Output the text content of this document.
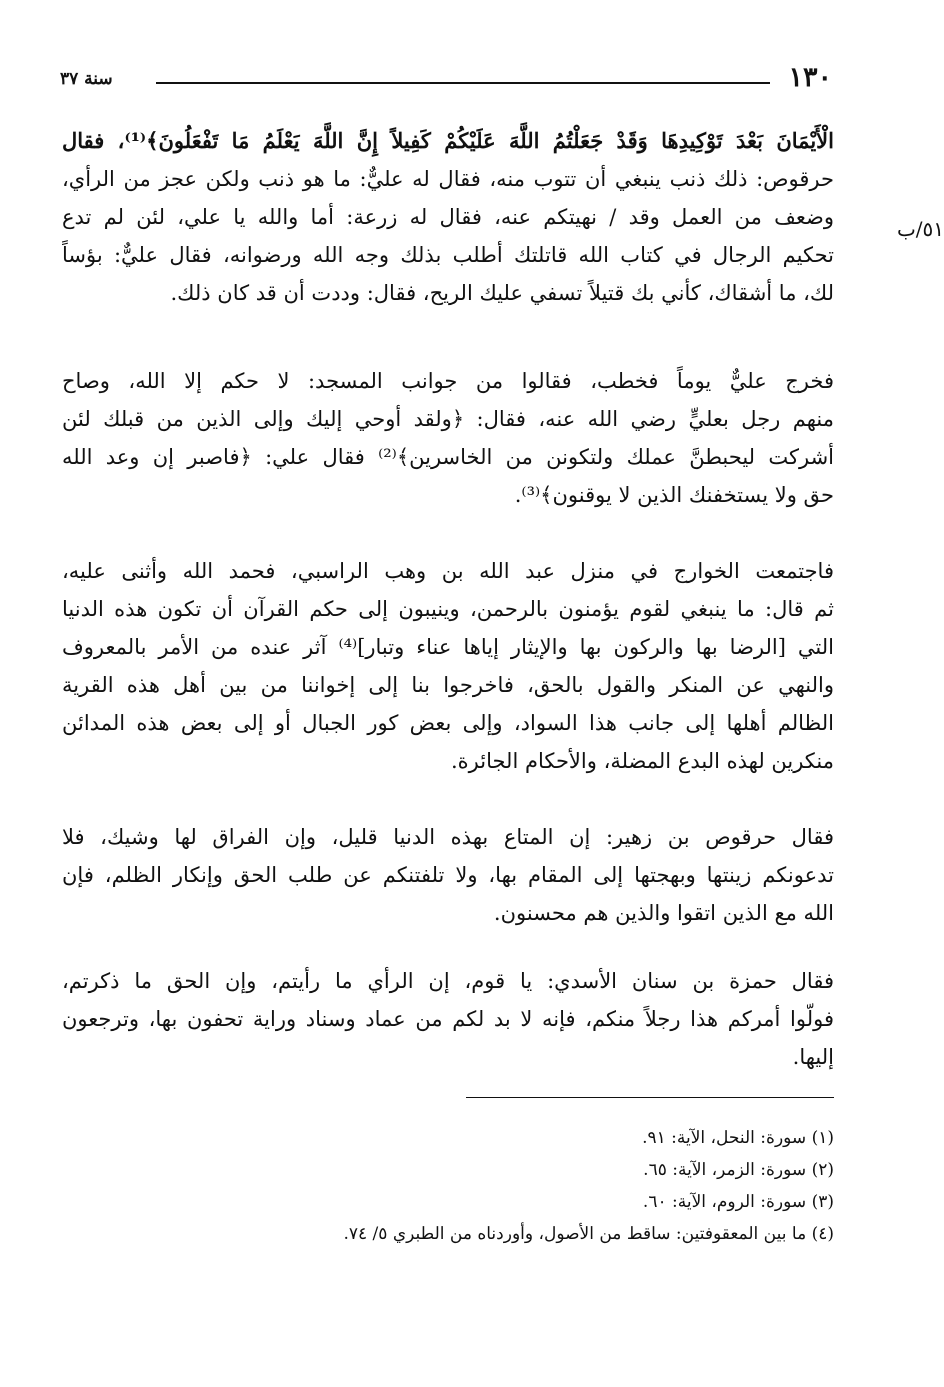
١٣٠
سنة ٣٧
٥١/ب
الْأَيْمَانَ بَعْدَ تَوْكِيدِهَا وَقَدْ جَعَلْتُمُ اللَّهَ عَلَيْكُمْ كَفِيلاً إِنَّ اللَّهَ يَعْلَمُ مَا تَفْعَلُونَ﴾⁽¹⁾، فقال
حرقوص: ذلك ذنب ينبغي أن تتوب منه، فقال له عليٌّ: ما هو ذنب ولكن عجز من الرأي،
وضعف من العمل وقد / نهيتكم عنه، فقال له زرعة: أما والله يا علي، لئن لم تدع
تحكيم الرجال في كتاب الله قاتلتك أطلب بذلك وجه الله ورضوانه، فقال عليٌّ: بؤساً
لك، ما أشقاك، كأني بك قتيلاً تسفي عليك الريح، فقال: وددت أن قد كان ذلك.
فخرج عليٌّ يوماً فخطب، فقالوا من جوانب المسجد: لا حكم إلا الله، وصاح
منهم رجل بعليٍّ رضي الله عنه، فقال: ﴿ولقد أوحي إليك وإلى الذين من قبلك لئن
أشركت ليحبطنَّ عملك ولتكونن من الخاسرين﴾⁽²⁾ فقال علي: ﴿فاصبر إن وعد الله
حق ولا يستخفنك الذين لا يوقنون﴾⁽³⁾.
فاجتمعت الخوارج في منزل عبد الله بن وهب الراسبي، فحمد الله وأثنى عليه،
ثم قال: ما ينبغي لقوم يؤمنون بالرحمن، وينيبون إلى حكم القرآن أن تكون هذه الدنيا
التي [الرضا بها والركون بها والإيثار إياها عناء وتبار]⁽⁴⁾ آثر عنده من الأمر بالمعروف
والنهي عن المنكر والقول بالحق، فاخرجوا بنا إلى إخواننا من بين أهل هذه القرية
الظالم أهلها إلى جانب هذا السواد، وإلى بعض كور الجبال أو إلى بعض هذه المدائن
منكرين لهذه البدع المضلة، والأحكام الجائرة.
فقال حرقوص بن زهير: إن المتاع بهذه الدنيا قليل، وإن الفراق لها وشيك، فلا
تدعونكم زينتها وبهجتها إلى المقام بها، ولا تلفتنكم عن طلب الحق وإنكار الظلم، فإن
الله مع الذين اتقوا والذين هم محسنون.
فقال حمزة بن سنان الأسدي: يا قوم، إن الرأي ما رأيتم، وإن الحق ما ذكرتم،
فولّوا أمركم هذا رجلاً منكم، فإنه لا بد لكم من عماد وسناد وراية تحفون بها، وترجعون
إليها.
(١) سورة: النحل، الآية: ٩١.
(٢) سورة: الزمر، الآية: ٦٥.
(٣) سورة: الروم، الآية: ٦٠.
(٤) ما بين المعقوفتين: ساقط من الأصول، وأوردناه من الطبري ٥/ ٧٤.
